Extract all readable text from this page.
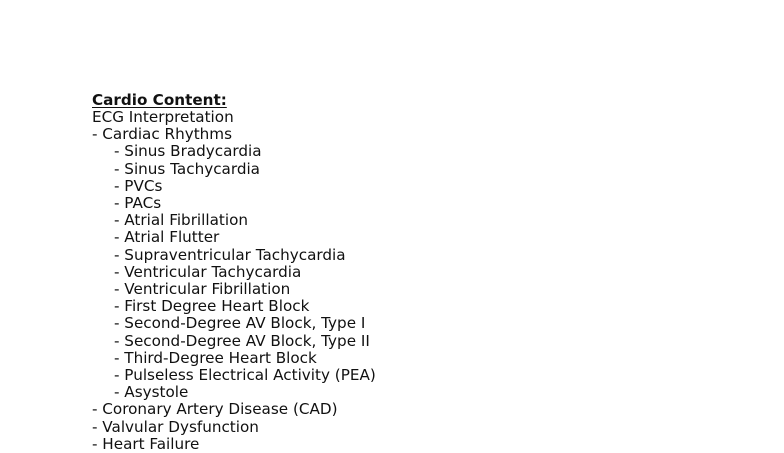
Cardio Content:
ECG Interpretation
- Cardiac Rhythms
- Sinus Bradycardia
- Sinus Tachycardia
- PVCs
- PACs
- Atrial Fibrillation
- Atrial Flutter
- Supraventricular Tachycardia
- Ventricular Tachycardia
- Ventricular Fibrillation
- First Degree Heart Block
- Second-Degree AV Block, Type I
- Second-Degree AV Block, Type II
- Third-Degree Heart Block
- Pulseless Electrical Activity (PEA)
- Asystole
- Coronary Artery Disease (CAD)
- Valvular Dysfunction
- Heart Failure
